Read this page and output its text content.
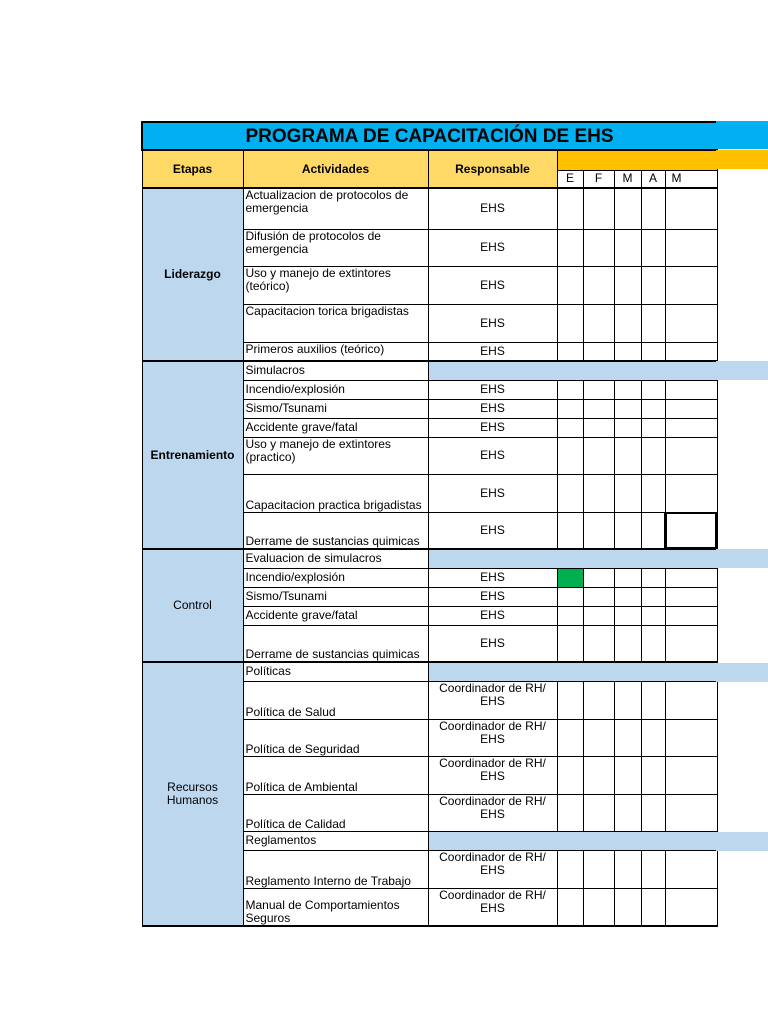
PROGRAMA DE CAPACITACIÓN DE EHS							
Etapas	Actividades	Responsable					
			E	F	M	A	M
Liderazgo	Actualizacion de protocolos de emergencia	EHS					
	Difusión de protocolos de emergencia	EHS					
	Uso y manejo de extintores (teórico)	EHS					
	Capacitacion torica brigadistas	EHS					
	Primeros auxilios (teórico)	EHS					
Entrenamiento	Simulacros						
	Incendio/explosión	EHS					
	Sismo/Tsunami	EHS					
	Accidente grave/fatal	EHS					
	Uso y manejo de extintores (practico)	EHS					
	Capacitacion practica brigadistas	EHS					
	Derrame de sustancias quimicas	EHS					
Control	Evaluacion de simulacros						
	Incendio/explosión	EHS					
	Sismo/Tsunami	EHS					
	Accidente grave/fatal	EHS					
	Derrame de sustancias quimicas	EHS					
Recursos Humanos	Políticas						
	Política de Salud	Coordinador de RH/ EHS					
	Política de Seguridad	Coordinador de RH/ EHS					
	Política de Ambiental	Coordinador de RH/ EHS					
	Política de Calidad	Coordinador de RH/ EHS					
	Reglamentos						
	Reglamento Interno de Trabajo	Coordinador de RH/ EHS					
	Manual de Comportamientos Seguros	Coordinador de RH/ EHS					
